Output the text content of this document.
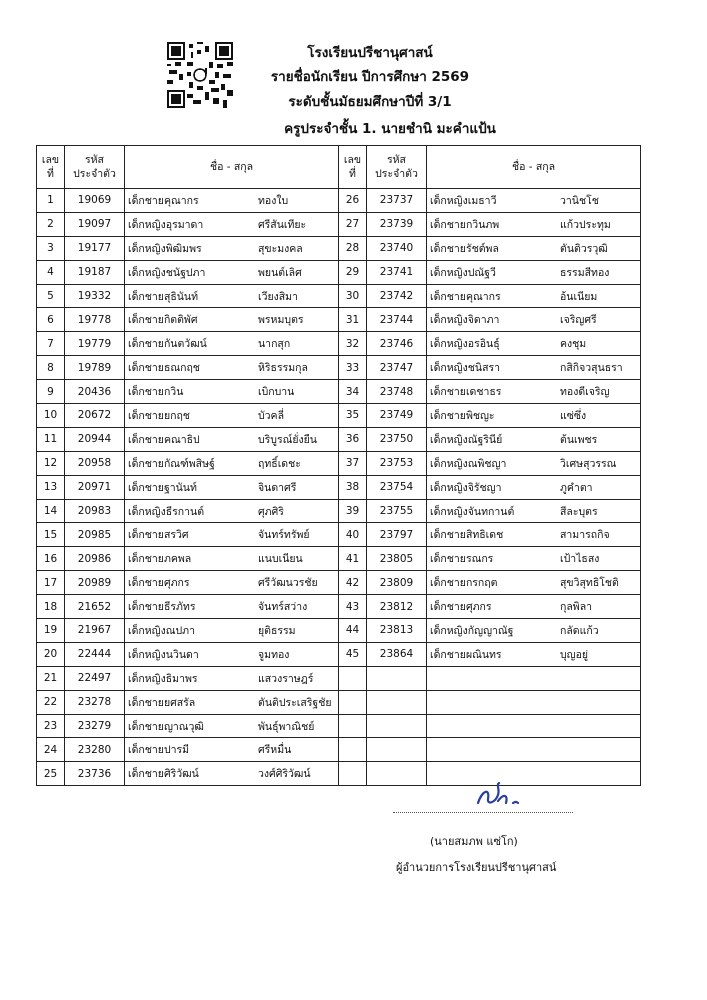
โรงเรียนปรีชานุศาสน์
รายชื่อนักเรียน ปีการศึกษา 2569
ระดับชั้นมัธยมศึกษาปีที่ 3/1
ครูประจำชั้น 1. นายชำนิ มะคำแป้น
เลข
ที่	รหัส
ประจำตัว	ชื่อ - สกุล	เลข
ที่	รหัส
ประจำตัว	ชื่อ - สกุล
1	19069	เด็กชายคุณากร ทองใบ	26	23737	เด็กหญิงเมธาวี วานิชโช
2	19097	เด็กหญิงอุรมาดา ศรีสันเทียะ	27	23739	เด็กชายกวินภพ แก้วประทุม
3	19177	เด็กหญิงพิฒิมพร สุขะมงคล	28	23740	เด็กชายรัชต์พล ตันติวรวุฒิ
4	19187	เด็กหญิงชนัฐปภา พยนต์เลิศ	29	23741	เด็กหญิงปณัฐวี ธรรมสีทอง
5	19332	เด็กชายสุธินันท์ เวียงสิมา	30	23742	เด็กชายคุณากร อ้นเนียม
6	19778	เด็กชายกิตติพัศ พรหมบุตร	31	23744	เด็กหญิงจิดาภา เจริญศรี
7	19779	เด็กชายกันตวัฒน์ นากสุก	32	23746	เด็กหญิงอรอินธุ์ คงชุม
8	19789	เด็กชายธณกฤช หิริธรรมกุล	33	23747	เด็กหญิงชนิสรา กสิกิจวสุนธรา
9	20436	เด็กชายกวิน เบิกบาน	34	23748	เด็กชายเดชาธร ทองดีเจริญ
10	20672	เด็กชายยกฤช บัวคลี่	35	23749	เด็กชายพิชญะ แซ่ซึ่ง
11	20944	เด็กชายคณาธิป บริบูรณ์ยั่งยืน	36	23750	เด็กหญิงณัฐรินีย์ ต้นเพชร
12	20958	เด็กชายกัณฑ์พสิษฐ์ ฤทธิ์เดชะ	37	23753	เด็กหญิงณพิชญา วิเศษสุวรรณ
13	20971	เด็กชายฐานันท์ จินดาศรี	38	23754	เด็กหญิงจิรัชญา ภูคำตา
14	20983	เด็กหญิงธีรกานต์ ศุภศิริ	39	23755	เด็กหญิงจันทกานต์ สีละบุตร
15	20985	เด็กชายสรวิศ จันทร์ทรัพย์	40	23797	เด็กชายสิทธิเดช สามารถกิจ
16	20986	เด็กชายภคพล แนบเนียน	41	23805	เด็กชายรณกร เป้าไธสง
17	20989	เด็กชายศุภกร ศรีวัฒนวรชัย	42	23809	เด็กชายกรกฤต สุขวิสุทธิโชติ
18	21652	เด็กชายธีรภัทร จันทร์สว่าง	43	23812	เด็กชายศุภกร กุลพิลา
19	21967	เด็กหญิงณปภา ยุติธรรม	44	23813	เด็กหญิงกัญญาณัฐ กลัดแก้ว
20	22444	เด็กหญิงนวินดา จูมทอง	45	23864	เด็กชายผณินทร บุญอยู่
21	22497	เด็กหญิงธิมาพร แสวงราษฎร์			
22	23278	เด็กชายยศสรัล ตันติประเสริฐชัย			
23	23279	เด็กชายญาณวุฒิ พันธุ์พาณิชย์			
24	23280	เด็กชายปารมี ศรีหมื่น			
25	23736	เด็กชายศิริวัฒน์ วงศ์ศิริวัฒน์			
(นายสมภพ แซ่โก)
ผู้อำนวยการโรงเรียนปรีชานุศาสน์
